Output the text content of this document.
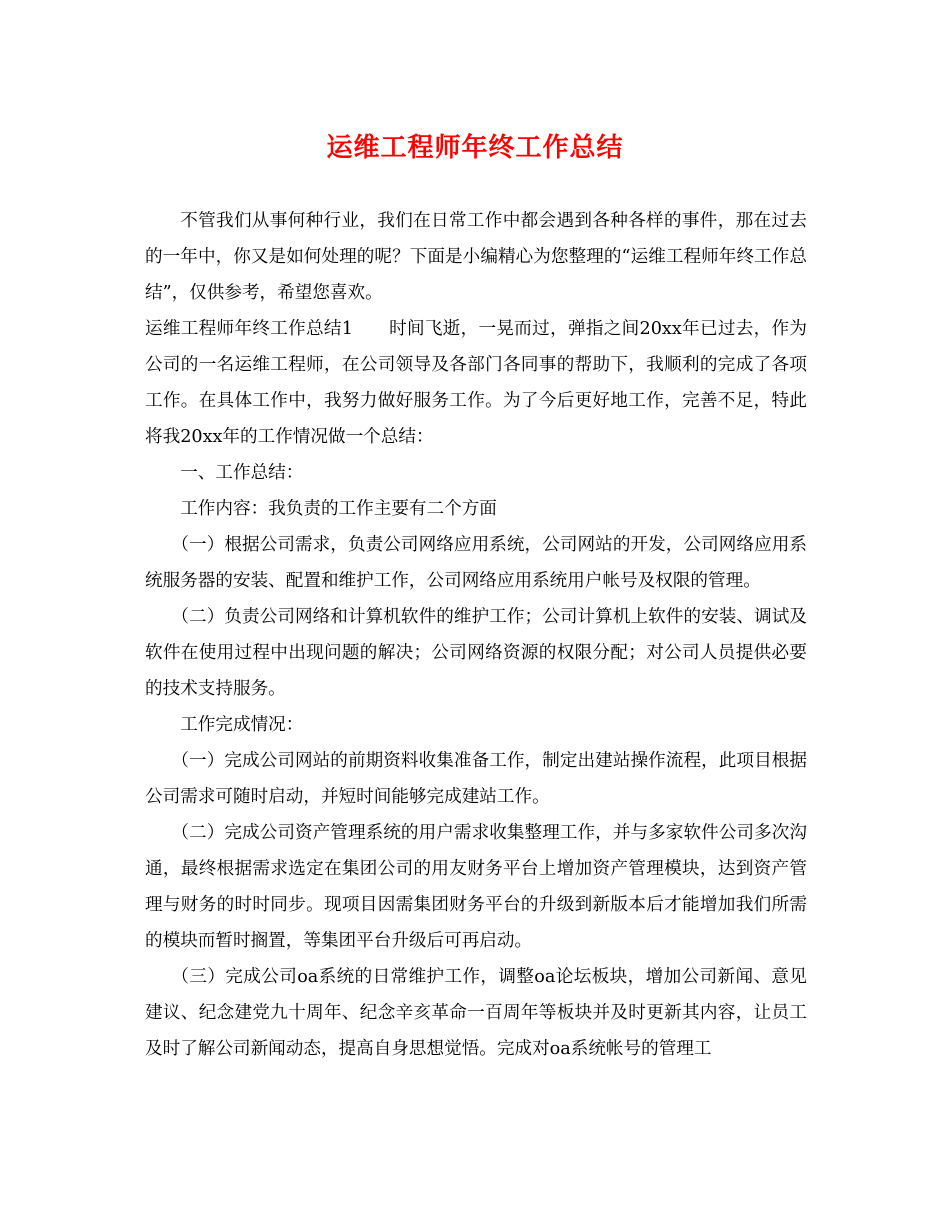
运维工程师年终工作总结

不管我们从事何种行业，我们在日常工作中都会遇到各种各样的事件，那在过去的一年中，你又是如何处理的呢？下面是小编精心为您整理的“运维工程师年终工作总结”，仅供参考，希望您喜欢。

运维工程师年终工作总结1　　时间飞逝，一晃而过，弹指之间20xx年已过去，作为公司的一名运维工程师，在公司领导及各部门各同事的帮助下，我顺利的完成了各项工作。在具体工作中，我努力做好服务工作。为了今后更好地工作，完善不足，特此将我20xx年的工作情况做一个总结：

一、工作总结：

工作内容：我负责的工作主要有二个方面

（一）根据公司需求，负责公司网络应用系统，公司网站的开发，公司网络应用系统服务器的安装、配置和维护工作，公司网络应用系统用户帐号及权限的管理。

（二）负责公司网络和计算机软件的维护工作；公司计算机上软件的安装、调试及软件在使用过程中出现问题的解决；公司网络资源的权限分配；对公司人员提供必要的技术支持服务。

工作完成情况：

（一）完成公司网站的前期资料收集准备工作，制定出建站操作流程，此项目根据公司需求可随时启动，并短时间能够完成建站工作。

（二）完成公司资产管理系统的用户需求收集整理工作，并与多家软件公司多次沟通，最终根据需求选定在集团公司的用友财务平台上增加资产管理模块，达到资产管理与财务的时时同步。现项目因需集团财务平台的升级到新版本后才能增加我们所需的模块而暂时搁置，等集团平台升级后可再启动。

（三）完成公司oa系统的日常维护工作，调整oa论坛板块，增加公司新闻、意见建议、纪念建党九十周年、纪念辛亥革命一百周年等板块并及时更新其内容，让员工及时了解公司新闻动态，提高自身思想觉悟。完成对oa系统帐号的管理工
